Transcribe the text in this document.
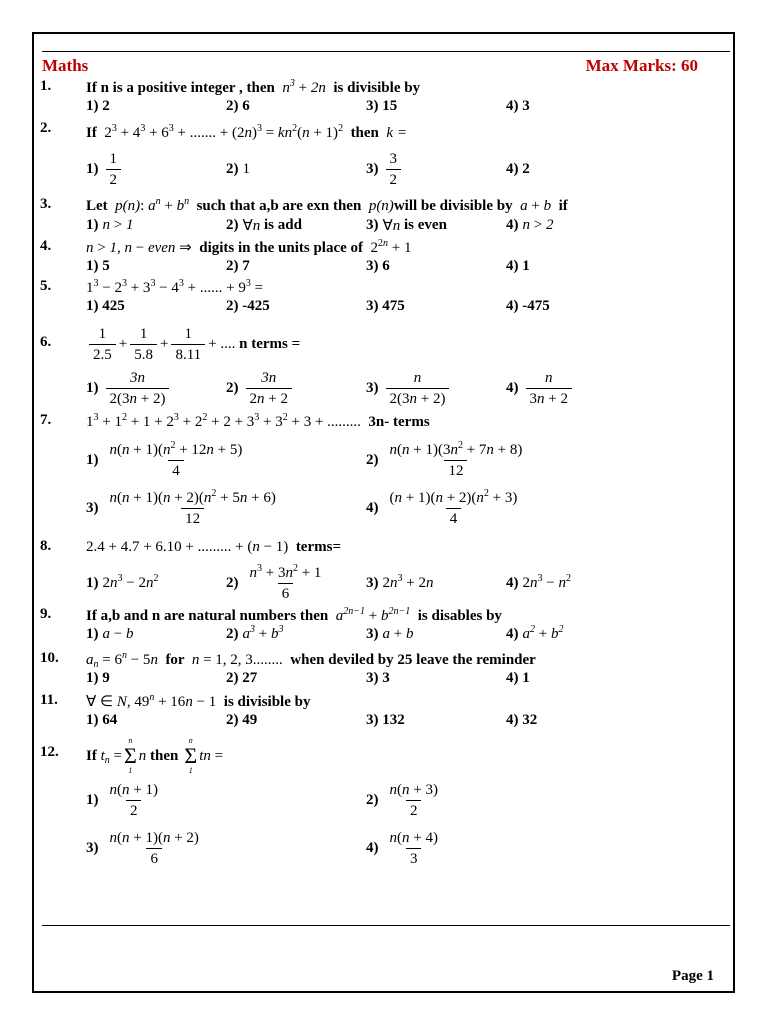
Maths	Max Marks: 60
1.	If n is a positive integer , then  $n^3 + 2n$  is divisible by
1) 2	2) 6	3) 15	4) 3
2.	If  $2^3 + 4^3 + 6^3$ + ....... + $(2n)^3 = kn^2(n + 1)^2$ then  k =
$1) \frac{1}{2}$	2) 1	$3) \frac{3}{2}$	4) 2
3.	Let  p(n): $a^n + b^n$ such that a,b are exn then  p(n)will be divisible by  a + b  if
1) n > 1	2) ∀n is add	3) ∀n is even	4) n > 2
4.	n > 1, n − even ⇒ digits in the units place of  $2^{2n} + 1$
1) 5	2) 7	3) 6	4) 1
5.	$1^3 - 2^3 + 3^3 - 4^3$ + ...... + $9^3$ =
1) 425	2) -425	3) 475	4) -475
6.	$\frac{1}{2.5} + \frac{1}{5.8} + \frac{1}{8.11}$ + .... n terms =
$1) \frac{3n}{2(3n + 2)}$	$2) \frac{3n}{2n + 2}$	$3) \frac{n}{2(3n + 2)}$	$4) \frac{n}{3n + 2}$
7.	$1^3 + 1^2 + 1 + 2^3 + 2^2 + 2 + 3^3 + 3^2 + 3$ + .........  3n- terms
$1) \frac{n(n + 1)(n^2 + 12n + 5)}{4}$	$2) \frac{n(n + 1)(3n^2 + 7n + 8)}{12}$
$3) \frac{n(n + 1)(n + 2)(n^2 + 5n + 6)}{12}$	$4) \frac{(n + 1)(n + 2)(n^2 + 3)}{4}$
8.	2.4 + 4.7 + 6.10 + ......... + (n − 1)  terms=
1) $2n^3 - 2n^2$	$2) \frac{n^3 + 3n^2 + 1}{6}$	3) $2n^3 + 2n$	4) $2n^3 - n^2$
9.	If a,b and n are natural numbers then  $a^{2n-1} + b^{2n-1}$ is disables by
1) a − b	2) $a^3 + b^3$	3) a + b	4) $a^2 + b^2$
10.	$a_n = 6^n - 5n$  for  n = 1, 2, 3........  when deviled by 25 leave the reminder
1) 9	2) 27	3) 3	4) 1
11.	∀ ∈ N, $49^n + 16n - 1$ is divisible by
1) 64	2) 49	3) 132	4) 32
12.	If $t_n$ =
n
Σ
1
n then
n
Σ
1
tn =
$1) \frac{n(n + 1)}{2}$	$2) \frac{n(n + 3)}{2}$
$3) \frac{n(n + 1)(n + 2)}{6}$	$4) \frac{n(n + 4)}{3}$
Page 1
